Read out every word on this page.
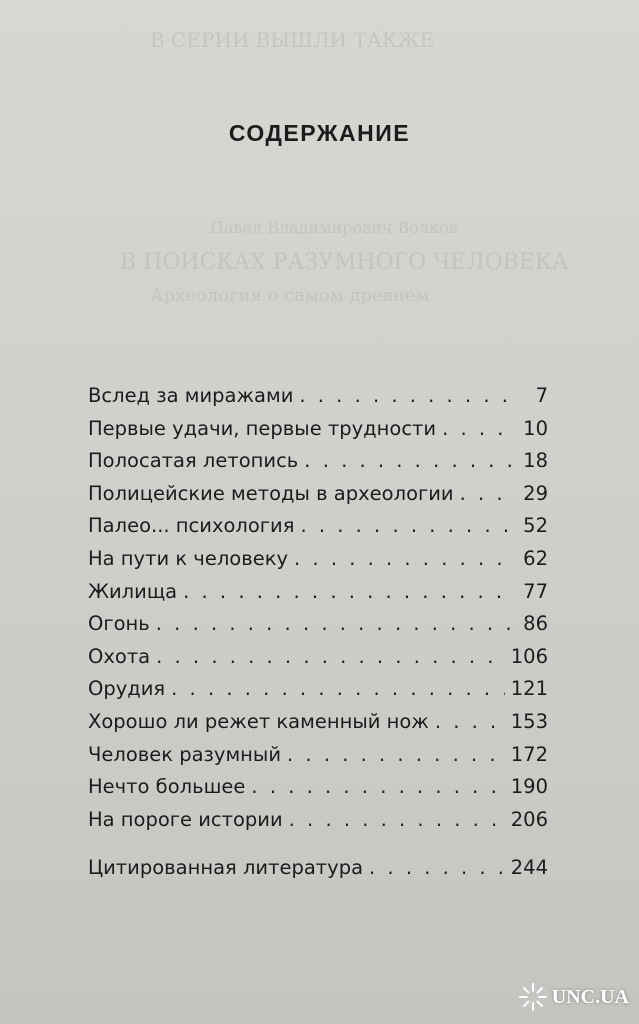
В СЕРИИ ВЫШЛИ ТАКЖЕ
Павел Владимирович Волков
В ПОИСКАХ РАЗУМНОГО ЧЕЛОВЕКА
Археология о самом древнем
СОДЕРЖАНИЕ
Вслед за миражами . . .	7
Первые удачи, первые трудности . . .	10
Полосатая летопись . . .	18
Полицейские методы в археологии . . .	29
Палео... психология . . .	52
На пути к человеку . . .	62
Жилища . . .	77
Огонь . . .	86
Охота . . .	106
Орудия . . .	121
Хорошо ли режет каменный нож . . .	153
Человек разумный . . .	172
Нечто большее . . .	190
На пороге истории . . .	206
Цитированная литература . . .	244
UNC.UA
